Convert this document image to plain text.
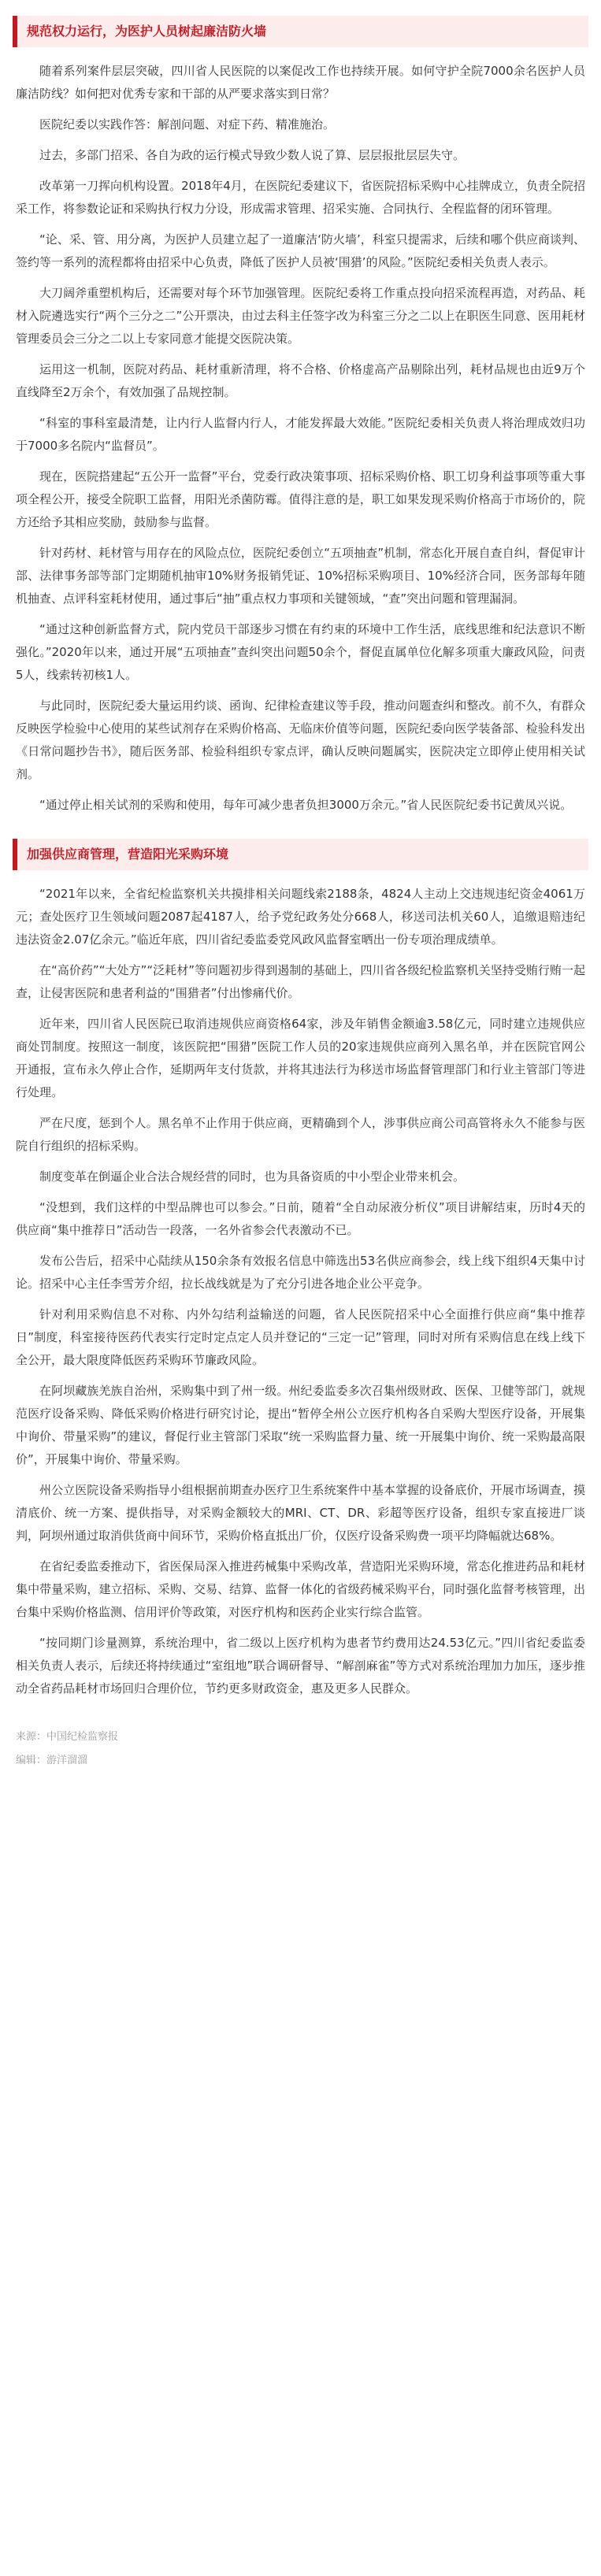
规范权力运行，为医护人员树起廉洁防火墙

随着系列案件层层突破，四川省人民医院的以案促改工作也持续开展。如何守护全院7000余名医护人员廉洁防线？如何把对优秀专家和干部的从严要求落实到日常？

医院纪委以实践作答：解剖问题、对症下药、精准施治。

过去，多部门招采、各自为政的运行模式导致少数人说了算、层层报批层层失守。

改革第一刀挥向机构设置。2018年4月，在医院纪委建议下，省医院招标采购中心挂牌成立，负责全院招采工作，将参数论证和采购执行权力分设，形成需求管理、招采实施、合同执行、全程监督的闭环管理。

“论、采、管、用分离，为医护人员建立起了一道廉洁‘防火墙’，科室只提需求，后续和哪个供应商谈判、签约等一系列的流程都将由招采中心负责，降低了医护人员被‘围猎’的风险。”医院纪委相关负责人表示。

大刀阔斧重塑机构后，还需要对每个环节加强管理。医院纪委将工作重点投向招采流程再造，对药品、耗材入院遴选实行“两个三分之二”公开票决，由过去科主任签字改为科室三分之二以上在职医生同意、医用耗材管理委员会三分之二以上专家同意才能提交医院决策。

运用这一机制，医院对药品、耗材重新清理，将不合格、价格虚高产品剔除出列，耗材品规也由近9万个直线降至2万余个，有效加强了品规控制。

“科室的事科室最清楚，让内行人监督内行人，才能发挥最大效能。”医院纪委相关负责人将治理成效归功于7000多名院内“监督员”。

现在，医院搭建起“五公开一监督”平台，党委行政决策事项、招标采购价格、职工切身利益事项等重大事项全程公开，接受全院职工监督，用阳光杀菌防霉。值得注意的是，职工如果发现采购价格高于市场价的，院方还给予其相应奖励，鼓励参与监督。

针对药材、耗材管与用存在的风险点位，医院纪委创立“五项抽查”机制，常态化开展自查自纠，督促审计部、法律事务部等部门定期随机抽审10%财务报销凭证、10%招标采购项目、10%经济合同，医务部每年随机抽查、点评科室耗材使用，通过事后“抽”重点权力事项和关键领域，“查”突出问题和管理漏洞。

“通过这种创新监督方式，院内党员干部逐步习惯在有约束的环境中工作生活，底线思维和纪法意识不断强化。”2020年以来，通过开展“五项抽查”查纠突出问题50余个，督促直属单位化解多项重大廉政风险，问责5人，线索转初核1人。

与此同时，医院纪委大量运用约谈、函询、纪律检查建议等手段，推动问题查纠和整改。前不久，有群众反映医学检验中心使用的某些试剂存在采购价格高、无临床价值等问题，医院纪委向医学装备部、检验科发出《日常问题抄告书》，随后医务部、检验科组织专家点评，确认反映问题属实，医院决定立即停止使用相关试剂。

“通过停止相关试剂的采购和使用，每年可减少患者负担3000万余元。”省人民医院纪委书记黄凤兴说。

加强供应商管理，营造阳光采购环境

“2021年以来，全省纪检监察机关共摸排相关问题线索2188条，4824人主动上交违规违纪资金4061万元；查处医疗卫生领域问题2087起4187人，给予党纪政务处分668人，移送司法机关60人，追缴退赔违纪违法资金2.07亿余元。”临近年底，四川省纪委监委党风政风监督室晒出一份专项治理成绩单。

在“高价药”“大处方”“泛耗材”等问题初步得到遏制的基础上，四川省各级纪检监察机关坚持受贿行贿一起查，让侵害医院和患者利益的“围猎者”付出惨痛代价。

近年来，四川省人民医院已取消违规供应商资格64家，涉及年销售金额逾3.58亿元，同时建立违规供应商处罚制度。按照这一制度，该医院把“围猎”医院工作人员的20家违规供应商列入黑名单，并在医院官网公开通报，宣布永久停止合作，延期两年支付货款，并将其违法行为移送市场监督管理部门和行业主管部门等进行处理。

严在尺度，惩到个人。黑名单不止作用于供应商，更精确到个人，涉事供应商公司高管将永久不能参与医院自行组织的招标采购。

制度变革在倒逼企业合法合规经营的同时，也为具备资质的中小型企业带来机会。

“没想到，我们这样的中型品牌也可以参会。”日前，随着“全自动尿液分析仪”项目讲解结束，历时4天的供应商“集中推荐日”活动告一段落，一名外省参会代表激动不已。

发布公告后，招采中心陆续从150余条有效报名信息中筛选出53名供应商参会，线上线下组织4天集中讨论。招采中心主任李雪芳介绍，拉长战线就是为了充分引进各地企业公平竞争。

针对利用采购信息不对称、内外勾结利益输送的问题，省人民医院招采中心全面推行供应商“集中推荐日”制度，科室接待医药代表实行定时定点定人员并登记的“三定一记”管理，同时对所有采购信息在线上线下全公开，最大限度降低医药采购环节廉政风险。

在阿坝藏族羌族自治州，采购集中到了州一级。州纪委监委多次召集州级财政、医保、卫健等部门，就规范医疗设备采购、降低采购价格进行研究讨论，提出“暂停全州公立医疗机构各自采购大型医疗设备，开展集中询价、带量采购”的建议，督促行业主管部门采取“统一采购监督力量、统一开展集中询价、统一采购最高限价”，开展集中询价、带量采购。

州公立医院设备采购指导小组根据前期查办医疗卫生系统案件中基本掌握的设备底价，开展市场调查，摸清底价、统一方案、提供指导，对采购金额较大的MRI、CT、DR、彩超等医疗设备，组织专家直接进厂谈判，阿坝州通过取消供货商中间环节，采购价格直抵出厂价，仅医疗设备采购费一项平均降幅就达68%。

在省纪委监委推动下，省医保局深入推进药械集中采购改革，营造阳光采购环境，常态化推进药品和耗材集中带量采购，建立招标、采购、交易、结算、监督一体化的省级药械采购平台，同时强化监督考核管理，出台集中采购价格监测、信用评价等政策，对医疗机构和医药企业实行综合监管。

“按同期门诊量测算，系统治理中，省二级以上医疗机构为患者节约费用达24.53亿元。”四川省纪委监委相关负责人表示，后续还将持续通过“室组地”联合调研督导、“解剖麻雀”等方式对系统治理加力加压，逐步推动全省药品耗材市场回归合理价位，节约更多财政资金，惠及更多人民群众。

来源：中国纪检监察报

编辑：游洋溜溜
